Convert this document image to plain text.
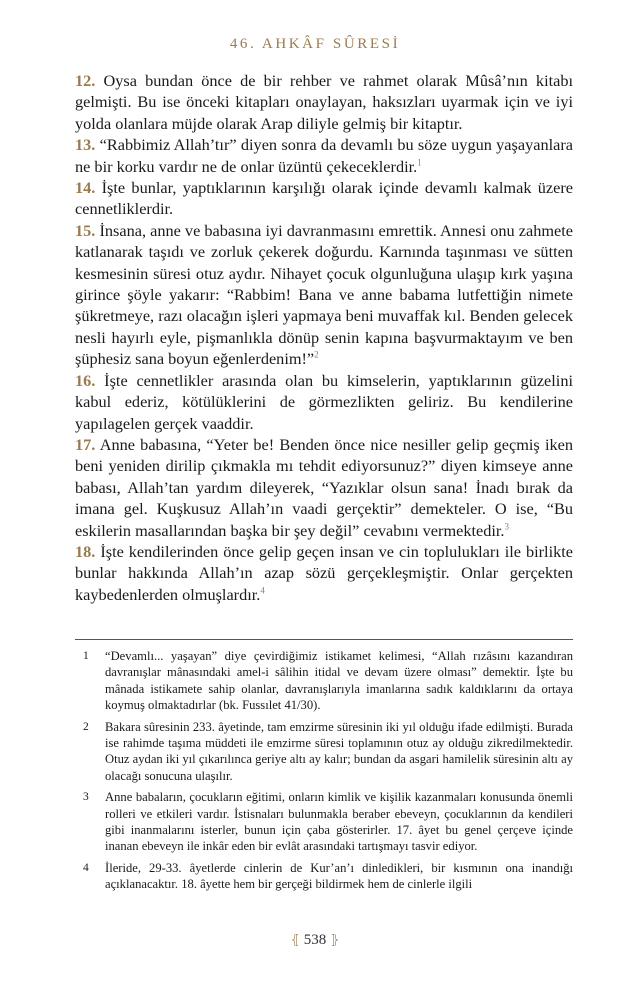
46. AHKÂF SÛRESİ

12. Oysa bundan önce de bir rehber ve rahmet olarak Mûsâ’nın kitabı gelmişti. Bu ise önceki kitapları onaylayan, haksızları uyarmak için ve iyi yolda olanlara müjde olarak Arap diliyle gelmiş bir kitaptır.

13. “Rabbimiz Allah’tır” diyen sonra da devamlı bu söze uygun yaşayanlara ne bir korku vardır ne de onlar üzüntü çekeceklerdir.$^1$

14. İşte bunlar, yaptıklarının karşılığı olarak içinde devamlı kalmak üzere cennetliklerdir.

15. İnsana, anne ve babasına iyi davranmasını emrettik. Annesi onu zahmete katlanarak taşıdı ve zorluk çekerek doğurdu. Karnında taşınması ve sütten kesmesinin süresi otuz aydır. Nihayet çocuk olgunluğuna ulaşıp kırk yaşına girince şöyle yakarır: “Rabbim! Bana ve anne babama lutfettiğin nimete şükretmeye, razı olacağın işleri yapmaya beni muvaffak kıl. Benden gelecek nesli hayırlı eyle, pişmanlıkla dönüp senin kapına başvurmaktayım ve ben şüphesiz sana boyun eğenlerdenim!”$^2$

16. İşte cennetlikler arasında olan bu kimselerin, yaptıklarının güzelini kabul ederiz, kötülüklerini de görmezlikten geliriz. Bu kendilerine yapılagelen gerçek vaaddir.

17. Anne babasına, “Yeter be! Benden önce nice nesiller gelip geçmiş iken beni yeniden dirilip çıkmakla mı tehdit ediyorsunuz?” diyen kimseye anne babası, Allah’tan yardım dileyerek, “Yazıklar olsun sana! İnadı bırak da imana gel. Kuşkusuz Allah’ın vaadi gerçektir” demekteler. O ise, “Bu eskilerin masallarından başka bir şey değil” cevabını vermektedir.$^3$

18. İşte kendilerinden önce gelip geçen insan ve cin toplulukları ile birlikte bunlar hakkında Allah’ın azap sözü gerçekleşmiştir. Onlar gerçekten kaybedenlerden olmuşlardır.$^4$

1	“Devamlı... yaşayan” diye çevirdiğimiz istikamet kelimesi, “Allah rızâsını kazandıran davranışlar mânasındaki amel-i sâlihin itidal ve devam üzere olması” demektir. İşte bu mânada istikamete sahip olanlar, davranışlarıyla imanlarına sadık kaldıklarını da ortaya koymuş olmaktadırlar (bk. Fussılet 41/30).
2	Bakara sûresinin 233. âyetinde, tam emzirme süresinin iki yıl olduğu ifade edilmişti. Burada ise rahimde taşıma müddeti ile emzirme süresi toplamının otuz ay olduğu zikredilmektedir. Otuz aydan iki yıl çıkarılınca geriye altı ay kalır; bundan da asgari hamilelik süresinin altı ay olacağı sonucuna ulaşılır.
3	Anne babaların, çocukların eğitimi, onların kimlik ve kişilik kazanmaları konusunda önemli rolleri ve etkileri vardır. İstisnaları bulunmakla beraber ebeveyn, çocuklarının da kendileri gibi inanmalarını isterler, bunun için çaba gösterirler. 17. âyet bu genel çerçeve içinde inanan ebeveyn ile inkâr eden bir evlât arasındaki tartışmayı tasvir ediyor.
4	İleride, 29-33. âyetlerde cinlerin de Kur’an’ı dinledikleri, bir kısmının ona inandığı açıklanacaktır. 18. âyette hem bir gerçeği bildirmek hem de cinlerle ilgili
⦃ 538 ⦄
